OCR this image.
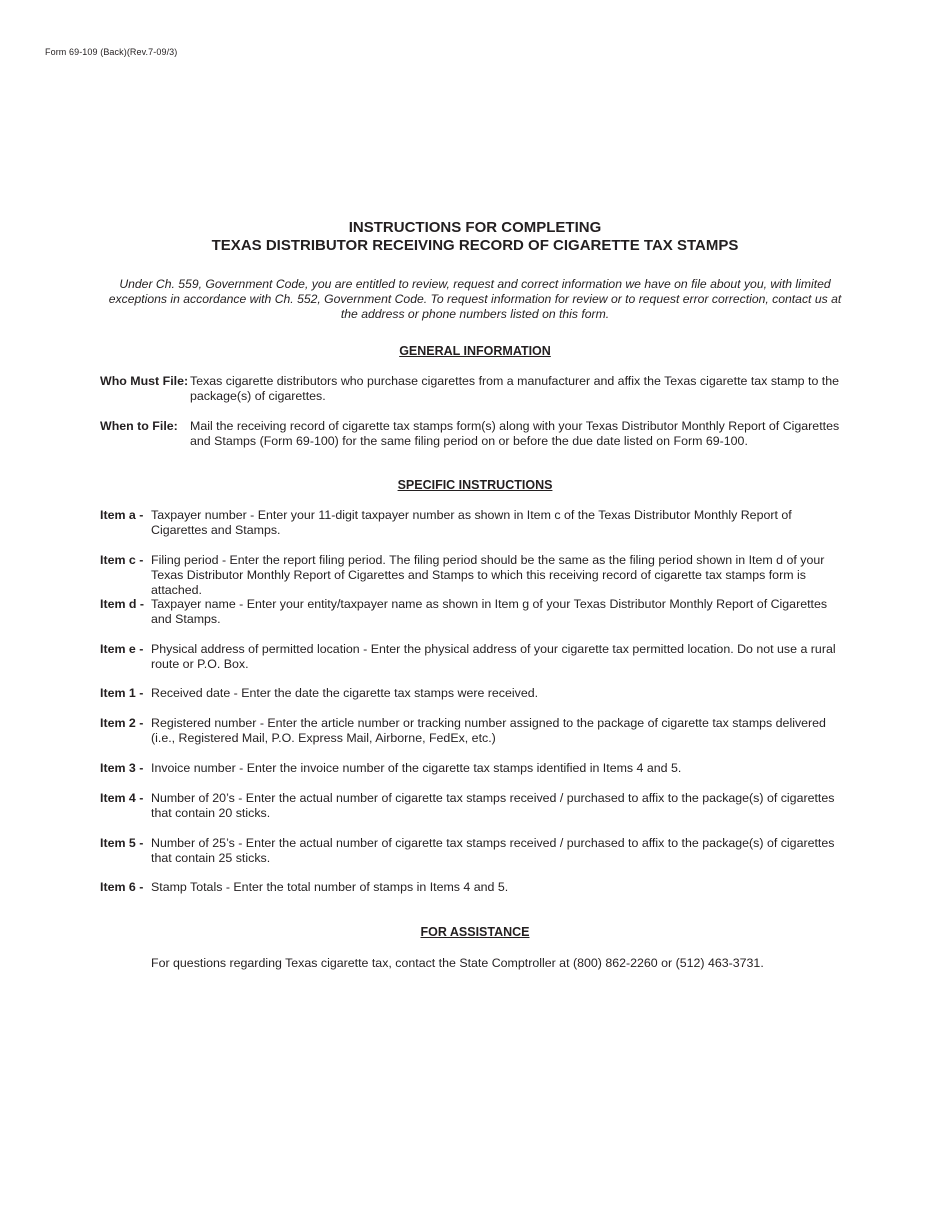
Form 69-109 (Back)(Rev.7-09/3)
INSTRUCTIONS FOR COMPLETING
TEXAS DISTRIBUTOR RECEIVING RECORD OF CIGARETTE TAX STAMPS
Under Ch. 559, Government Code, you are entitled to review, request and correct information we have on file about you, with limited exceptions in accordance with Ch. 552, Government Code. To request information for review or to request error correction, contact us at the address or phone numbers listed on this form.
GENERAL INFORMATION
Who Must File: Texas cigarette distributors who purchase cigarettes from a manufacturer and affix the Texas cigarette tax stamp to the package(s) of cigarettes.
When to File: Mail the receiving record of cigarette tax stamps form(s) along with your Texas Distributor Monthly Report of Cigarettes and Stamps (Form 69-100) for the same filing period on or before the due date listed on Form 69-100.
SPECIFIC INSTRUCTIONS
Item a - Taxpayer number - Enter your 11-digit taxpayer number as shown in Item c of the Texas Distributor Monthly Report of Cigarettes and Stamps.
Item c - Filing period - Enter the report filing period. The filing period should be the same as the filing period shown in Item d of your Texas Distributor Monthly Report of Cigarettes and Stamps to which this receiving record of cigarette tax stamps form is attached.
Item d - Taxpayer name - Enter your entity/taxpayer name as shown in Item g of your Texas Distributor Monthly Report of Cigarettes and Stamps.
Item e - Physical address of permitted location - Enter the physical address of your cigarette tax permitted location. Do not use a rural route or P.O. Box.
Item 1 - Received date - Enter the date the cigarette tax stamps were received.
Item 2 - Registered number - Enter the article number or tracking number assigned to the package of cigarette tax stamps delivered (i.e., Registered Mail, P.O. Express Mail, Airborne, FedEx, etc.)
Item 3 - Invoice number - Enter the invoice number of the cigarette tax stamps identified in Items 4 and 5.
Item 4 - Number of 20’s - Enter the actual number of cigarette tax stamps received / purchased to affix to the package(s) of cigarettes that contain 20 sticks.
Item 5 - Number of 25’s - Enter the actual number of cigarette tax stamps received / purchased to affix to the package(s) of cigarettes that contain 25 sticks.
Item 6 - Stamp Totals - Enter the total number of stamps in Items 4 and 5.
FOR ASSISTANCE
For questions regarding Texas cigarette tax, contact the State Comptroller at (800) 862-2260 or (512) 463-3731.
